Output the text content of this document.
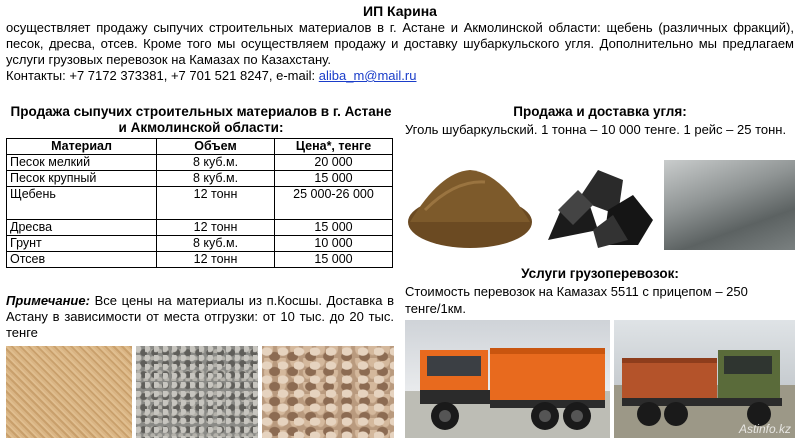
ИП Карина
осуществляет продажу сыпучих строительных материалов в г. Астане и Акмолинской области: щебень (различных фракций), песок, дресва, отсев. Кроме того мы осуществляем продажу и доставку шубаркульского угля. Дополнительно мы предлагаем услуги грузовых перевозок на Камазах по Казахстану.
Контакты: +7 7172 373381, +7 701 521 8247, e-mail: aliba_m@mail.ru
Продажа сыпучих строительных материалов в г. Астане и Акмолинской области:
Материал	Объем	Цена*, тенге
Песок мелкий	8 куб.м.	20 000
Песок крупный	8 куб.м.	15 000
Щебень	12 тонн	25 000-26 000
Дресва	12 тонн	15 000
Грунт	8 куб.м.	10 000
Отсев	12 тонн	15 000
Примечание: Все цены на материалы из п.Косшы. Доставка в Астану в зависимости от места отгрузки: от 10 тыс. до 20 тыс. тенге
Продажа и доставка угля:
Уголь шубаркульский. 1 тонна – 10 000 тенге. 1 рейс – 25 тонн.
Услуги грузоперевозок:
Стоимость перевозок на Камазах 5511 с прицепом – 250 тенге/1км.
Astinfo.kz
